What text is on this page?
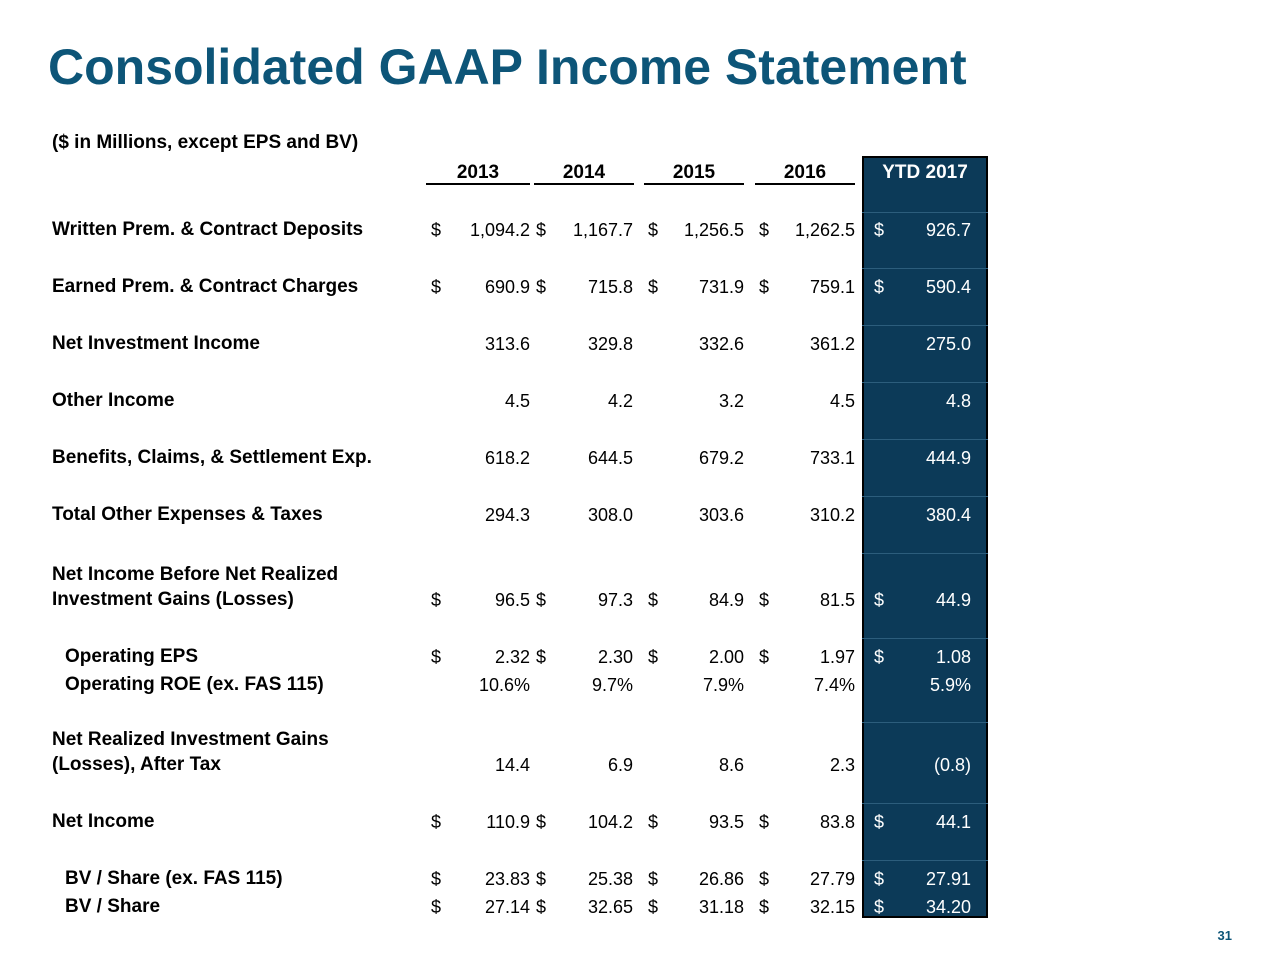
Consolidated GAAP Income Statement
($ in Millions, except EPS and BV)
2013	2014	2015	2016	YTD 2017
Written Prem. & Contract Deposits	$	1,094.2 $	1,167.7 $	1,256.5 $	1,262.5 $	926.7
Earned Prem. & Contract Charges	$	690.9 $	715.8 $	731.9 $	759.1 $	590.4
Net Investment Income	313.6	329.8	332.6	361.2	275.0
Other Income	4.5	4.2	3.2	4.5	4.8
Benefits, Claims, & Settlement Exp.	618.2	644.5	679.2	733.1	444.9
Total Other Expenses & Taxes	294.3	308.0	303.6	310.2	380.4
Net Income Before Net Realized
Investment Gains (Losses)	$	96.5 $	97.3 $	84.9 $	81.5 $	44.9
Operating EPS	$	2.32 $	2.30 $	2.00 $	1.97 $	1.08
Operating ROE (ex. FAS 115)	10.6%	9.7%	7.9%	7.4%	5.9%
Net Realized Investment Gains
(Losses), After Tax	14.4	6.9	8.6	2.3	(0.8)
Net Income	$	110.9 $	104.2 $	93.5 $	83.8 $	44.1
BV / Share (ex. FAS 115)	$	23.83 $	25.38 $	26.86 $	27.79 $	27.91
BV / Share	$	27.14 $	32.65 $	31.18 $	32.15 $	34.20
31
